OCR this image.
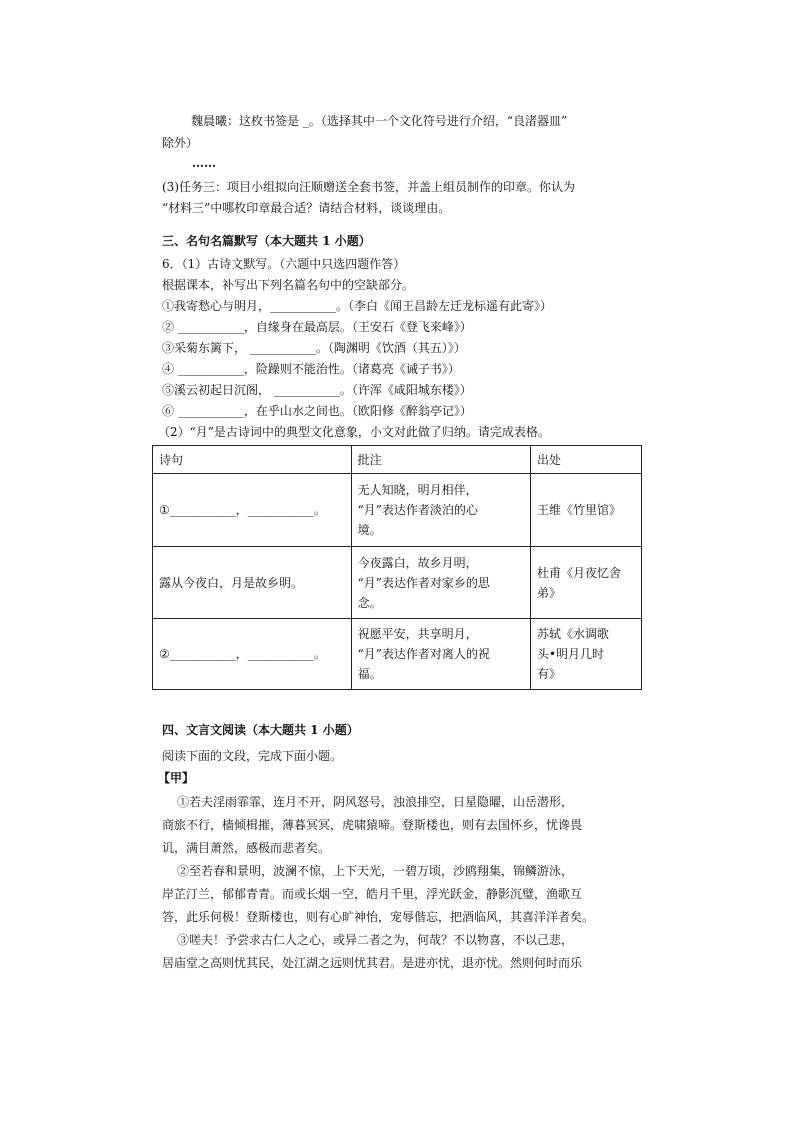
魏晨曦：这枚书签是 _。（选择其中一个文化符号进行介绍，“良渚器皿”
除外）
……
(3)任务三：项目小组拟向汪顺赠送全套书签，并盖上组员制作的印章。你认为
“材料三”中哪枚印章最合适？请结合材料，谈谈理由。
三、名句名篇默写（本大题共 1 小题）
6．（1）古诗文默写。（六题中只选四题作答）
根据课本，补写出下列名篇名句中的空缺部分。
①我寄愁心与明月，___________。（李白《闻王昌龄左迁龙标遥有此寄》）
② ___________，自缘身在最高层。（王安石《登飞来峰》）
③采菊东篱下， ___________。（陶渊明《饮酒（其五）》）
④ ___________，险躁则不能治性。（诸葛亮《诫子书》）
⑤溪云初起日沉阁， ___________。（许浑《咸阳城东楼》）
⑥ ___________，在乎山水之间也。（欧阳修《醉翁亭记》）
（2）“月”是古诗词中的典型文化意象，小文对此做了归纳。请完成表格。
诗句	批注	出处
①___________，___________。	无人知晓，明月相伴，
“月”表达作者淡泊的心
境。	王维《竹里馆》

露从今夜白，月是故乡明。	今夜露白，故乡月明，
“月”表达作者对家乡的思
念。	杜甫《月夜忆舍
弟》

②___________，___________。	祝愿平安，共享明月，
“月”表达作者对离人的祝
福。	苏轼《水调歌
头•明月几时
有》
四、文言文阅读（本大题共 1 小题）
阅读下面的文段，完成下面小题。
【甲】
①若夫淫雨霏霏，连月不开，阴风怒号，浊浪排空，日星隐曜，山岳潜形，
商旅不行，樯倾楫摧，薄暮冥冥，虎啸猿啼。登斯楼也，则有去国怀乡，忧谗畏
讥，满目萧然，感极而悲者矣。
②至若春和景明，波澜不惊，上下天光，一碧万顷，沙鸥翔集，锦鳞游泳，
岸芷汀兰，郁郁青青。而或长烟一空，皓月千里，浮光跃金，静影沉璧，渔歌互
答，此乐何极！登斯楼也，则有心旷神怡，宠辱偕忘，把酒临风，其喜洋洋者矣。
③嗟夫！予尝求古仁人之心，或异二者之为，何哉？不以物喜，不以己悲，
居庙堂之高则忧其民，处江湖之远则忧其君。是进亦忧，退亦忧。然则何时而乐
